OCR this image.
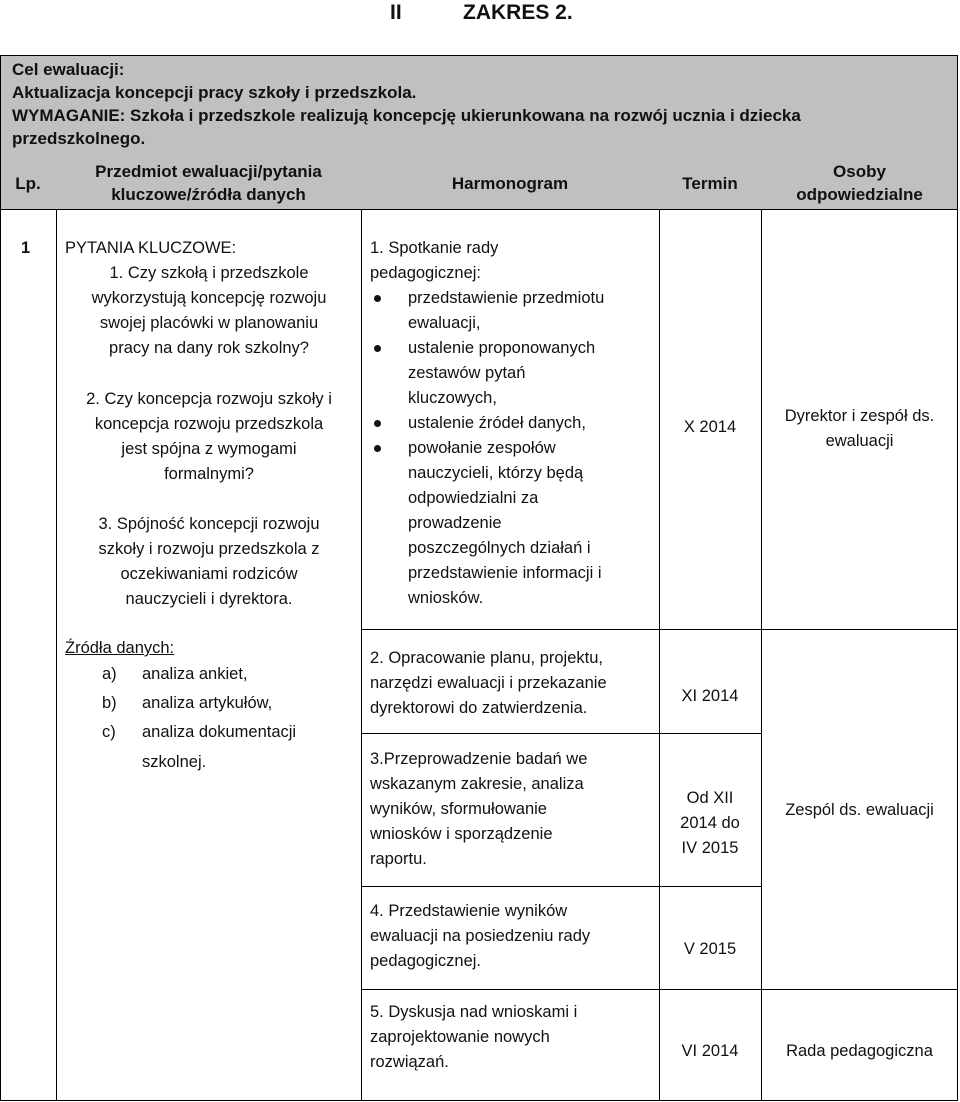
II	ZAKRES 2.
Cel ewaluacji:
Aktualizacja koncepcji pracy szkoły i przedszkola.
WYMAGANIE: Szkoła i przedszkole realizują koncepcję ukierunkowana na rozwój ucznia i dziecka
przedszkolnego.
Lp.
Przedmiot ewaluacji/pytania
kluczowe/źródła danych
Harmonogram	Termin
Osoby
odpowiedzialne
1 PYTANIA KLUCZOWE:
1. Czy szkołą i przedszkole
wykorzystują koncepcję rozwoju
swojej placówki w planowaniu
pracy na dany rok szkolny?
2. Czy koncepcja rozwoju szkoły i
koncepcja rozwoju przedszkola
jest spójna z wymogami
formalnymi?
3. Spójność koncepcji rozwoju
szkoły i rozwoju przedszkola z
oczekiwaniami rodziców
nauczycieli i dyrektora.
Źródła danych:
a) analiza ankiet,
b) analiza artykułów,
c) analiza dokumentacji
szkolnej.
1. Spotkanie rady
pedagogicznej:
przedstawienie przedmiotu
ewaluacji,
ustalenie proponowanych
zestawów pytań
kluczowych,
ustalenie źródeł danych,
powołanie zespołów
nauczycieli, którzy będą
odpowiedzialni za
prowadzenie
poszczególnych działań i
przedstawienie informacji i
wniosków.
2. Opracowanie planu, projektu,
narzędzi ewaluacji i przekazanie
dyrektorowi do zatwierdzenia.
3.Przeprowadzenie badań we
wskazanym zakresie, analiza
wyników, sformułowanie
wniosków i sporządzenie
raportu.
4. Przedstawienie wyników
ewaluacji na posiedzeniu rady
pedagogicznej.
5. Dyskusja nad wnioskami i
zaprojektowanie nowych
rozwiązań.
X 2014
XI 2014
Od XII
2014 do
IV 2015
V 2015
VI 2014
Dyrektor i zespół ds.
ewaluacji
Zespól ds. ewaluacji
Rada pedagogiczna
